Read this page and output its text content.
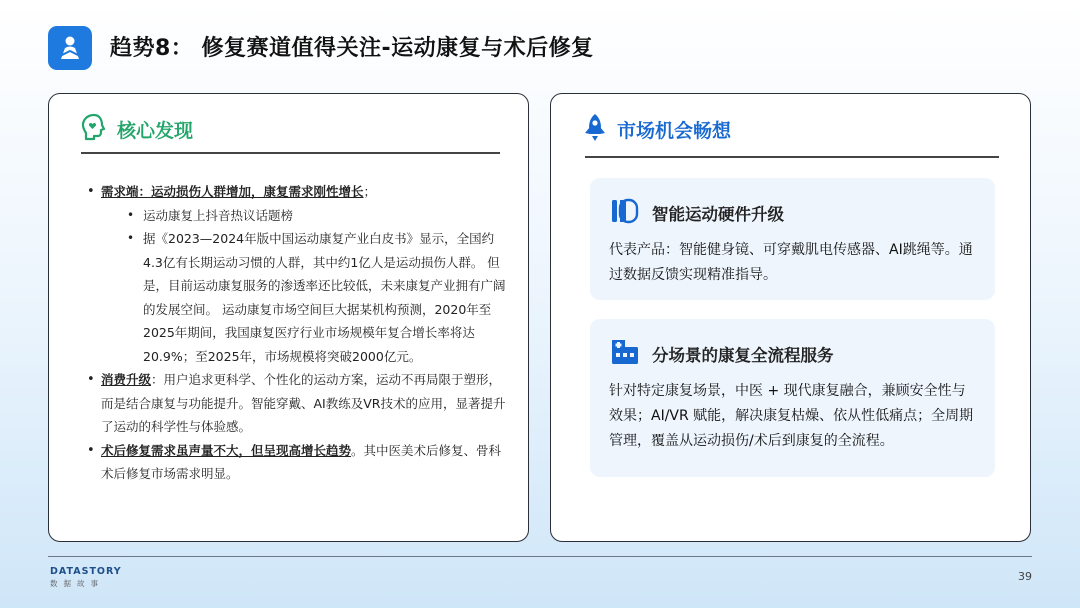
趋势8： 修复赛道值得关注-运动康复与术后修复
核心发现
• 需求端：运动损伤人群增加，康复需求刚性增长；
• 运动康复上抖音热议话题榜
• 据《2023—2024年版中国运动康复产业白皮书》显示，全国约4.3亿有长期运动习惯的人群，其中约1亿人是运动损伤人群。 但是，目前运动康复服务的渗透率还比较低，未来康复产业拥有广阔的发展空间。 运动康复市场空间巨大据某机构预测，2020年至2025年期间，我国康复医疗行业市场规模年复合增长率将达20.9%；至2025年，市场规模将突破2000亿元。
• 消费升级：用户追求更科学、个性化的运动方案，运动不再局限于塑形，而是结合康复与功能提升。智能穿戴、AI教练及VR技术的应用，显著提升了运动的科学性与体验感。
• 术后修复需求虽声量不大，但呈现高增长趋势。其中医美术后修复、骨科术后修复市场需求明显。
市场机会畅想
智能运动硬件升级
代表产品：智能健身镜、可穿戴肌电传感器、AI跳绳等。通过数据反馈实现精准指导。
分场景的康复全流程服务
针对特定康复场景，中医 + 现代康复融合，兼顾安全性与效果；AI/VR 赋能，解决康复枯燥、依从性低痛点；全周期管理，覆盖从运动损伤/术后到康复的全流程。
DATASTORY
数据故事
39
